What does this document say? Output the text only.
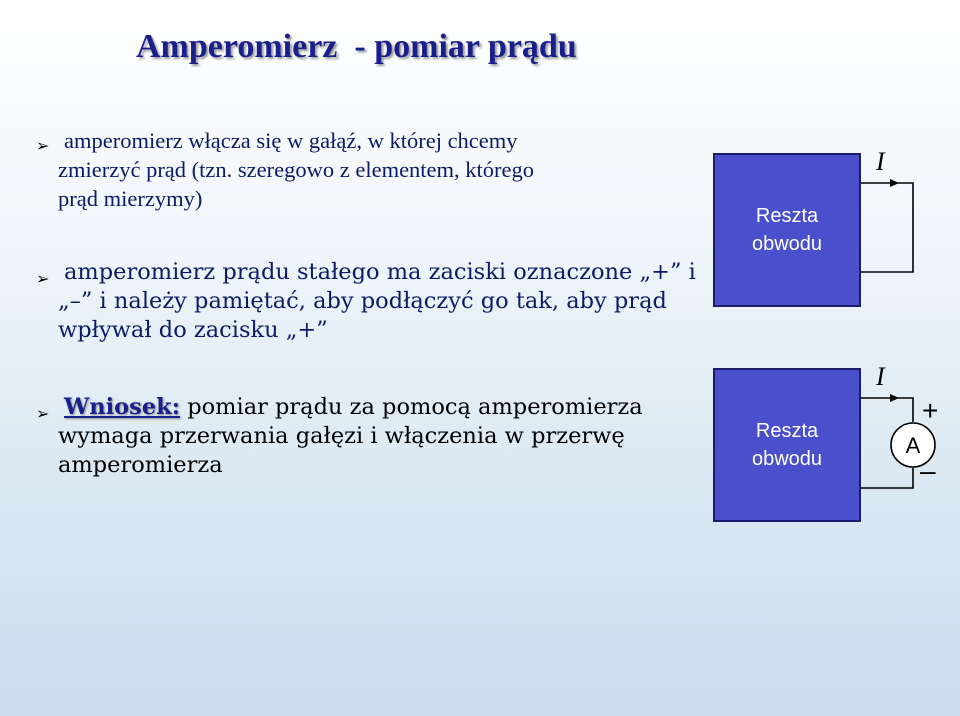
Amperomierz  - pomiar prądu
➢ amperomierz włącza się w gałąź, w której chcemy
zmierzyć prąd (tzn. szeregowo z elementem, którego
prąd mierzymy)
➢ amperomierz prądu stałego ma zaciski oznaczone „+” i
„–” i należy pamiętać, aby podłączyć go tak, aby prąd
wpływał do zacisku „+”
➢ Wniosek: pomiar prądu za pomocą amperomierza
wymaga przerwania gałęzi i włączenia w przerwę
amperomierza
I
I
A
+
–
Reszta
obwodu
Reszta
obwodu
